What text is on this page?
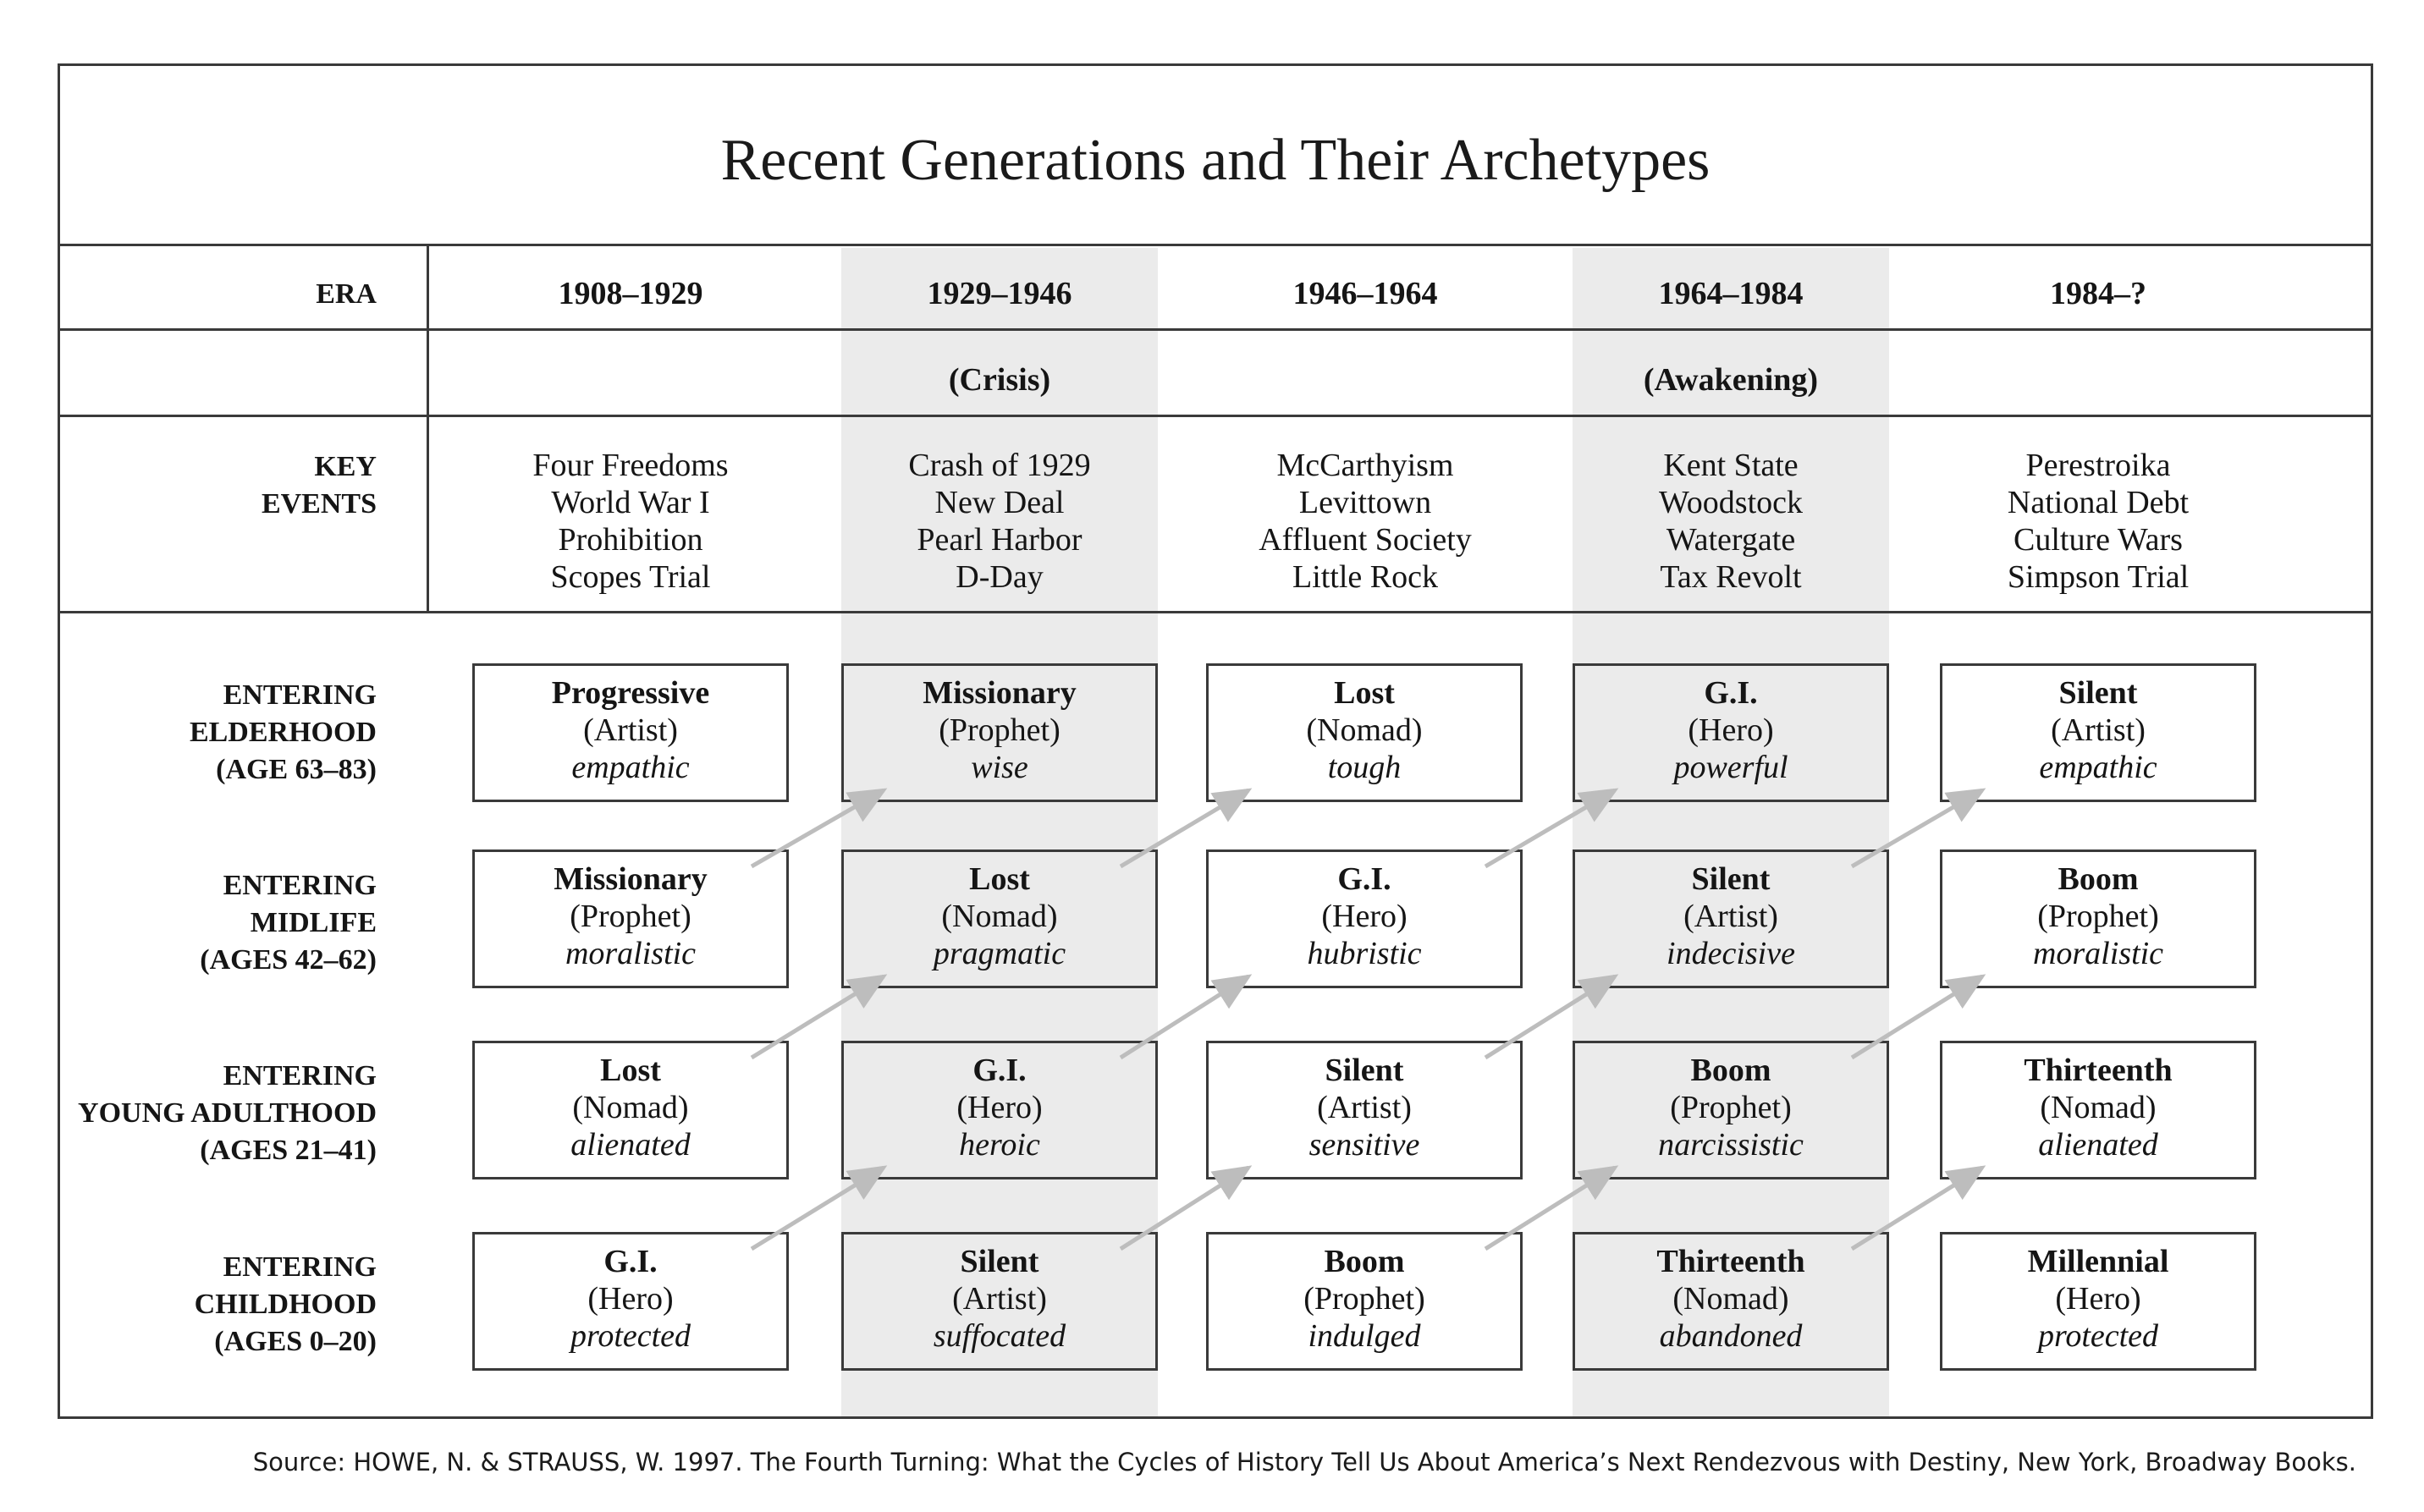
Recent Generations and Their Archetypes
ERA
KEY
EVENTS
1908–1929
Four Freedoms
World War I
Prohibition
Scopes Trial
1929–1946
(Crisis)
Crash of 1929
New Deal
Pearl Harbor
D-Day
1946–1964
McCarthyism
Levittown
Affluent Society
Little Rock
1964–1984
(Awakening)
Kent State
Woodstock
Watergate
Tax Revolt
1984–?
Perestroika
National Debt
Culture Wars
Simpson Trial
ENTERING
ELDERHOOD
(AGE 63–83)
Progressive
(Artist)
empathic
Missionary
(Prophet)
wise
Lost
(Nomad)
tough
G.I.
(Hero)
powerful
Silent
(Artist)
empathic
ENTERING
MIDLIFE
(AGES 42–62)
Missionary
(Prophet)
moralistic
Lost
(Nomad)
pragmatic
G.I.
(Hero)
hubristic
Silent
(Artist)
indecisive
Boom
(Prophet)
moralistic
ENTERING
YOUNG ADULTHOOD
(AGES 21–41)
Lost
(Nomad)
alienated
G.I.
(Hero)
heroic
Silent
(Artist)
sensitive
Boom
(Prophet)
narcissistic
Thirteenth
(Nomad)
alienated
ENTERING
CHILDHOOD
(AGES 0–20)
G.I.
(Hero)
protected
Silent
(Artist)
suffocated
Boom
(Prophet)
indulged
Thirteenth
(Nomad)
abandoned
Millennial
(Hero)
protected
Source: HOWE, N. & STRAUSS, W. 1997. The Fourth Turning: What the Cycles of History Tell Us About America’s Next Rendezvous with Destiny, New York, Broadway Books.
